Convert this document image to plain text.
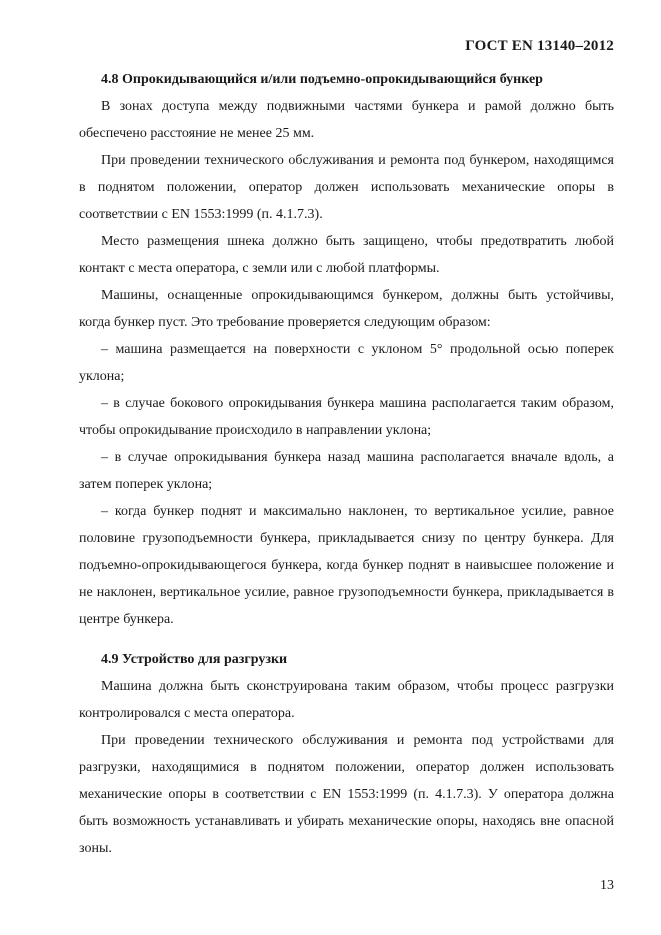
ГОСТ EN 13140–2012

4.8 Опрокидывающийся и/или подъемно-опрокидывающийся бункер

В зонах доступа между подвижными частями бункера и рамой должно быть обеспечено расстояние не менее 25 мм.

При проведении технического обслуживания и ремонта под бункером, находящимся в поднятом положении, оператор должен использовать механические опоры в соответствии с EN 1553:1999 (п. 4.1.7.3).

Место размещения шнека должно быть защищено, чтобы предотвратить любой контакт с места оператора, с земли или с любой платформы.

Машины, оснащенные опрокидывающимся бункером, должны быть устойчивы, когда бункер пуст. Это требование проверяется следующим образом:

– машина размещается на поверхности с уклоном 5° продольной осью поперек уклона;

– в случае бокового опрокидывания бункера машина располагается таким образом, чтобы опрокидывание происходило в направлении уклона;

– в случае опрокидывания бункера назад машина располагается вначале вдоль, а затем поперек уклона;

– когда бункер поднят и максимально наклонен, то вертикальное усилие, равное половине грузоподъемности бункера, прикладывается снизу по центру бункера. Для подъемно-опрокидывающегося бункера, когда бункер поднят в наивысшее положение и не наклонен, вертикальное усилие, равное грузоподъемности бункера, прикладывается в центре бункера.

4.9 Устройство для разгрузки

Машина должна быть сконструирована таким образом, чтобы процесс разгрузки контролировался с места оператора.

При проведении технического обслуживания и ремонта под устройствами для разгрузки, находящимися в поднятом положении, оператор должен использовать механические опоры в соответствии с EN 1553:1999 (п. 4.1.7.3). У оператора должна быть возможность устанавливать и убирать механические опоры, находясь вне опасной зоны.

13
